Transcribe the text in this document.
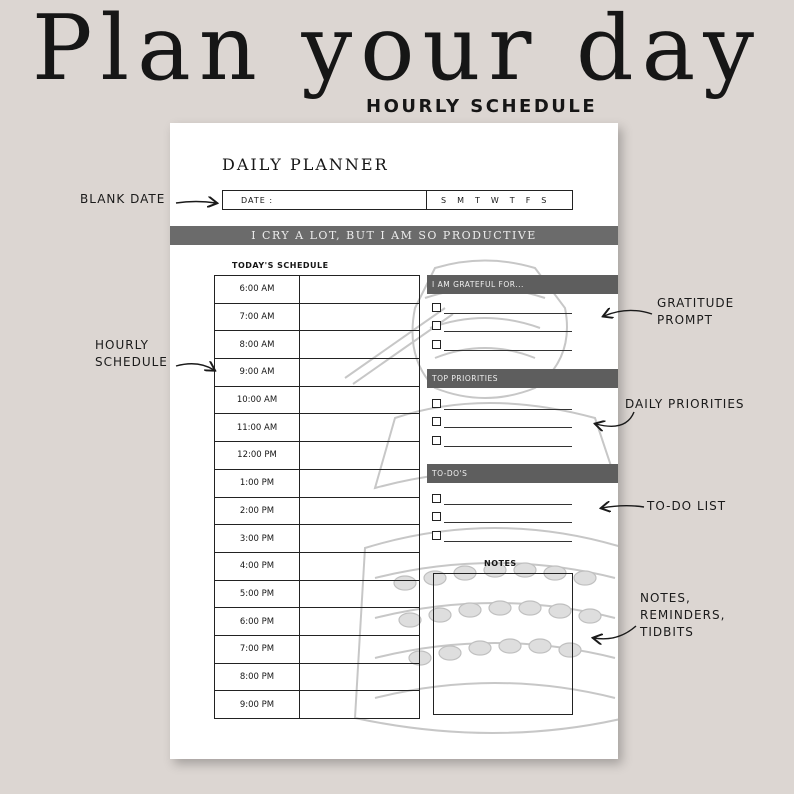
Plan your day
HOURLY SCHEDULE
BLANK DATE
HOURLY
SCHEDULE
GRATITUDE
PROMPT
DAILY PRIORITIES
TO-DO LIST
NOTES,
REMINDERS,
TIDBITS
DAILY PLANNER
DATE :	S M T W T F S
I CRY A LOT, BUT I AM SO PRODUCTIVE
TODAY'S SCHEDULE
6:00 AM
7:00 AM
8:00 AM
9:00 AM
10:00 AM
11:00 AM
12:00 PM
1:00 PM
2:00 PM
3:00 PM
4:00 PM
5:00 PM
6:00 PM
7:00 PM
8:00 PM
9:00 PM
I AM GRATEFUL FOR...
TOP PRIORITIES
TO-DO'S
NOTES
